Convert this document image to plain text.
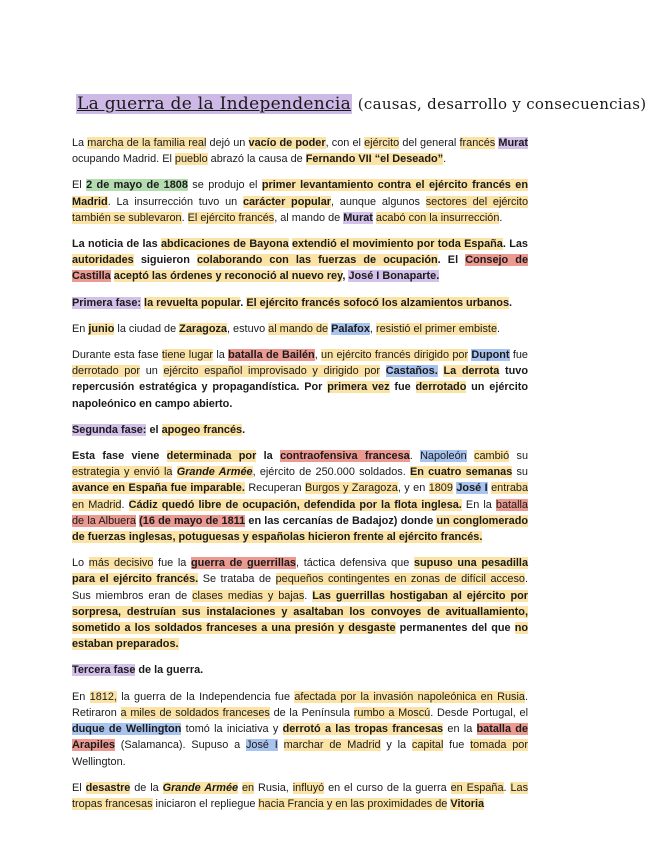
La guerra de la Independencia (causas, desarrollo y consecuencias)

La marcha de la familia real dejó un vacío de poder, con el ejército del general francés Murat ocupando Madrid. El pueblo abrazó la causa de Fernando VII “el Deseado”.

El 2 de mayo de 1808 se produjo el primer levantamiento contra el ejército francés en Madrid. La insurrección tuvo un carácter popular, aunque algunos sectores del ejército también se sublevaron. El ejército francés, al mando de Murat acabó con la insurrección.

La noticia de las abdicaciones de Bayona extendió el movimiento por toda España. Las autoridades siguieron colaborando con las fuerzas de ocupación. El Consejo de Castilla aceptó las órdenes y reconoció al nuevo rey, José I Bonaparte.

Primera fase: la revuelta popular. El ejército francés sofocó los alzamientos urbanos.

En junio la ciudad de Zaragoza, estuvo al mando de Palafox, resistió el primer embiste.

Durante esta fase tiene lugar la batalla de Bailén, un ejército francés dirigido por Dupont fue derrotado por un ejército español improvisado y dirigido por Castaños. La derrota tuvo repercusión estratégica y propagandística. Por primera vez fue derrotado un ejército napoleónico en campo abierto.

Segunda fase: el apogeo francés.

Esta fase viene determinada por la contraofensiva francesa. Napoleón cambió su estrategia y envió la Grande Armée, ejército de 250.000 soldados. En cuatro semanas su avance en España fue imparable. Recuperan Burgos y Zaragoza, y en 1809 José I entraba en Madrid. Cádiz quedó libre de ocupación, defendida por la flota inglesa. En la batalla de la Albuera (16 de mayo de 1811 en las cercanías de Badajoz) donde un conglomerado de fuerzas inglesas, potuguesas y españolas hicieron frente al ejército francés.

Lo más decisivo fue la guerra de guerrillas, táctica defensiva que supuso una pesadilla para el ejército francés. Se trataba de pequeños contingentes en zonas de difícil acceso. Sus miembros eran de clases medias y bajas. Las guerrillas hostigaban al ejército por sorpresa, destruían sus instalaciones y asaltaban los convoyes de avituallamiento, sometido a los soldados franceses a una presión y desgaste permanentes del que no estaban preparados.

Tercera fase de la guerra.

En 1812, la guerra de la Independencia fue afectada por la invasión napoleónica en Rusia. Retiraron a miles de soldados franceses de la Península rumbo a Moscú. Desde Portugal, el duque de Wellington tomó la iniciativa y derrotó a las tropas francesas en la batalla de Arapiles (Salamanca). Supuso a José I marchar de Madrid y la capital fue tomada por Wellington.

El desastre de la Grande Armée en Rusia, influyó en el curso de la guerra en España. Las tropas francesas iniciaron el repliegue hacia Francia y en las proximidades de Vitoria
